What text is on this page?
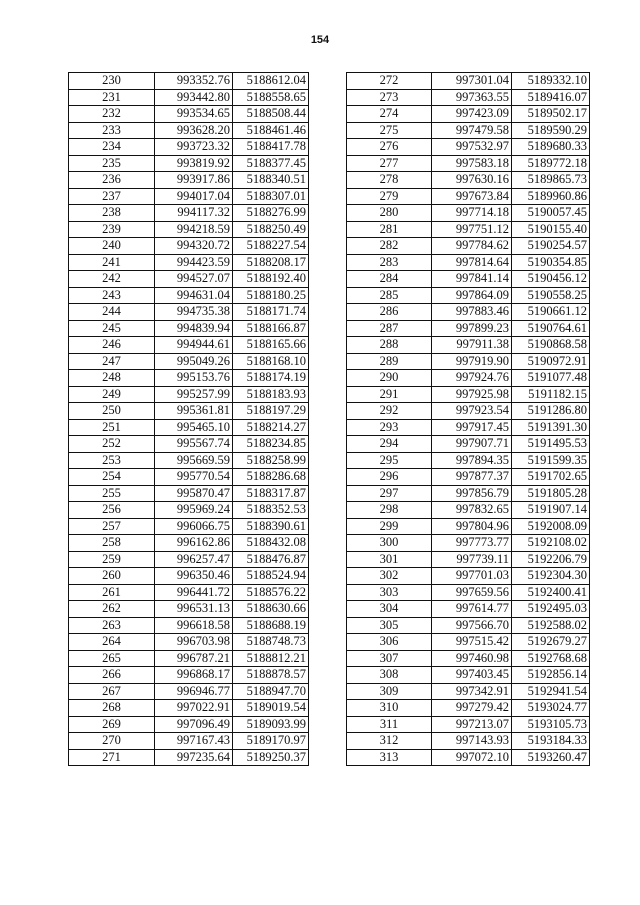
154
230	993352.76	5188612.04
231	993442.80	5188558.65
232	993534.65	5188508.44
233	993628.20	5188461.46
234	993723.32	5188417.78
235	993819.92	5188377.45
236	993917.86	5188340.51
237	994017.04	5188307.01
238	994117.32	5188276.99
239	994218.59	5188250.49
240	994320.72	5188227.54
241	994423.59	5188208.17
242	994527.07	5188192.40
243	994631.04	5188180.25
244	994735.38	5188171.74
245	994839.94	5188166.87
246	994944.61	5188165.66
247	995049.26	5188168.10
248	995153.76	5188174.19
249	995257.99	5188183.93
250	995361.81	5188197.29
251	995465.10	5188214.27
252	995567.74	5188234.85
253	995669.59	5188258.99
254	995770.54	5188286.68
255	995870.47	5188317.87
256	995969.24	5188352.53
257	996066.75	5188390.61
258	996162.86	5188432.08
259	996257.47	5188476.87
260	996350.46	5188524.94
261	996441.72	5188576.22
262	996531.13	5188630.66
263	996618.58	5188688.19
264	996703.98	5188748.73
265	996787.21	5188812.21
266	996868.17	5188878.57
267	996946.77	5188947.70
268	997022.91	5189019.54
269	997096.49	5189093.99
270	997167.43	5189170.97
271	997235.64	5189250.37
272	997301.04	5189332.10
273	997363.55	5189416.07
274	997423.09	5189502.17
275	997479.58	5189590.29
276	997532.97	5189680.33
277	997583.18	5189772.18
278	997630.16	5189865.73
279	997673.84	5189960.86
280	997714.18	5190057.45
281	997751.12	5190155.40
282	997784.62	5190254.57
283	997814.64	5190354.85
284	997841.14	5190456.12
285	997864.09	5190558.25
286	997883.46	5190661.12
287	997899.23	5190764.61
288	997911.38	5190868.58
289	997919.90	5190972.91
290	997924.76	5191077.48
291	997925.98	5191182.15
292	997923.54	5191286.80
293	997917.45	5191391.30
294	997907.71	5191495.53
295	997894.35	5191599.35
296	997877.37	5191702.65
297	997856.79	5191805.28
298	997832.65	5191907.14
299	997804.96	5192008.09
300	997773.77	5192108.02
301	997739.11	5192206.79
302	997701.03	5192304.30
303	997659.56	5192400.41
304	997614.77	5192495.03
305	997566.70	5192588.02
306	997515.42	5192679.27
307	997460.98	5192768.68
308	997403.45	5192856.14
309	997342.91	5192941.54
310	997279.42	5193024.77
311	997213.07	5193105.73
312	997143.93	5193184.33
313	997072.10	5193260.47
